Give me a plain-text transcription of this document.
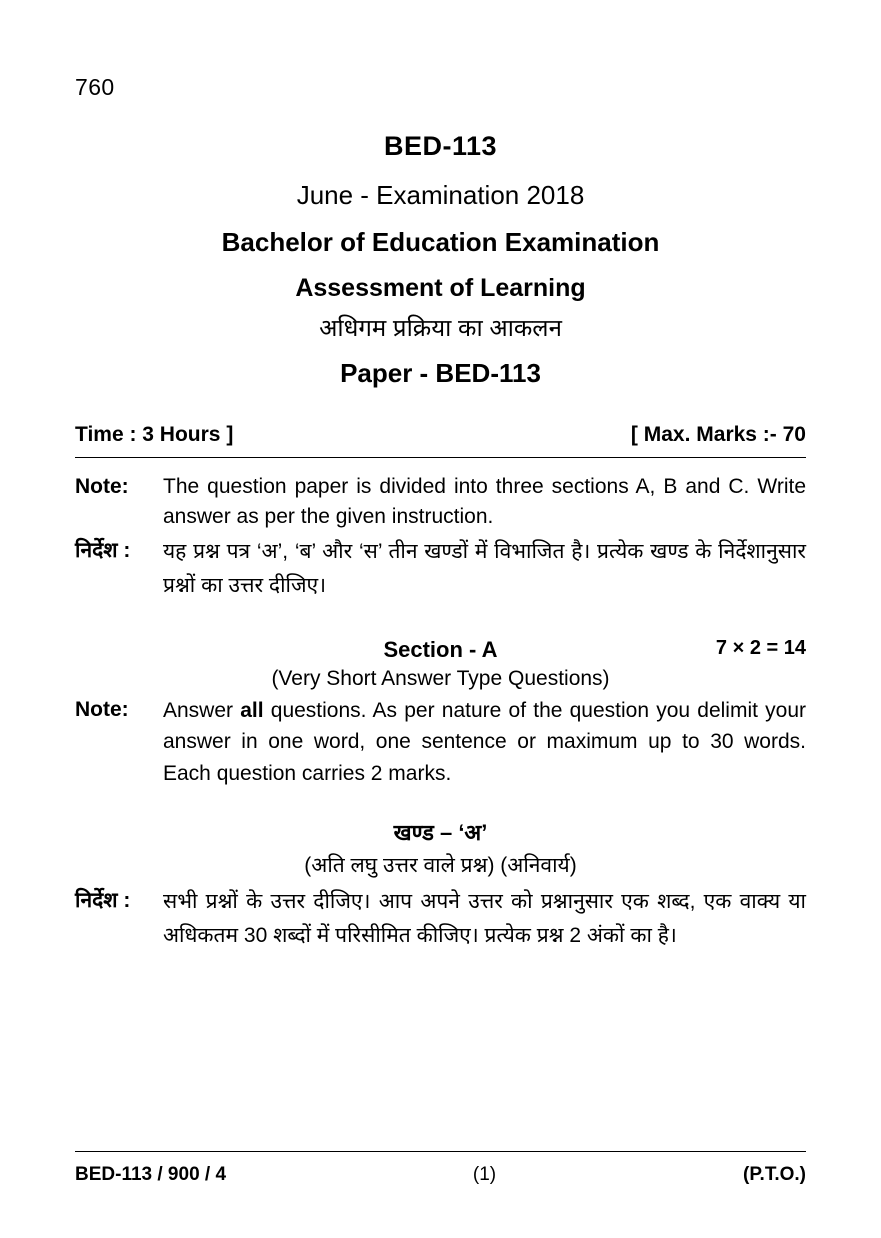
760
BED-113
June - Examination 2018
Bachelor of Education Examination
Assessment of Learning
अधिगम प्रक्रिया का आकलन
Paper - BED-113
Time : 3 Hours ]	[ Max. Marks :- 70
Note:	The question paper is divided into three sections A, B and C. Write answer as per the given instruction.
निर्देश :	यह प्रश्न पत्र ‘अ’, ‘ब’ और ‘स’ तीन खण्डों में विभाजित है। प्रत्येक खण्ड के निर्देशानुसार प्रश्नों का उत्तर दीजिए।
Section - A	7 × 2 = 14
(Very Short Answer Type Questions)
Note:	Answer all questions. As per nature of the question you delimit your answer in one word, one sentence or maximum up to 30 words. Each question carries 2 marks.
खण्ड – ‘अ’
(अति लघु उत्तर वाले प्रश्न) (अनिवार्य)
निर्देश :	सभी प्रश्नों के उत्तर दीजिए। आप अपने उत्तर को प्रश्नानुसार एक शब्द, एक वाक्य या अधिकतम 30 शब्दों में परिसीमित कीजिए। प्रत्येक प्रश्न 2 अंकों का है।
BED-113 / 900 / 4	(1)	(P.T.O.)
